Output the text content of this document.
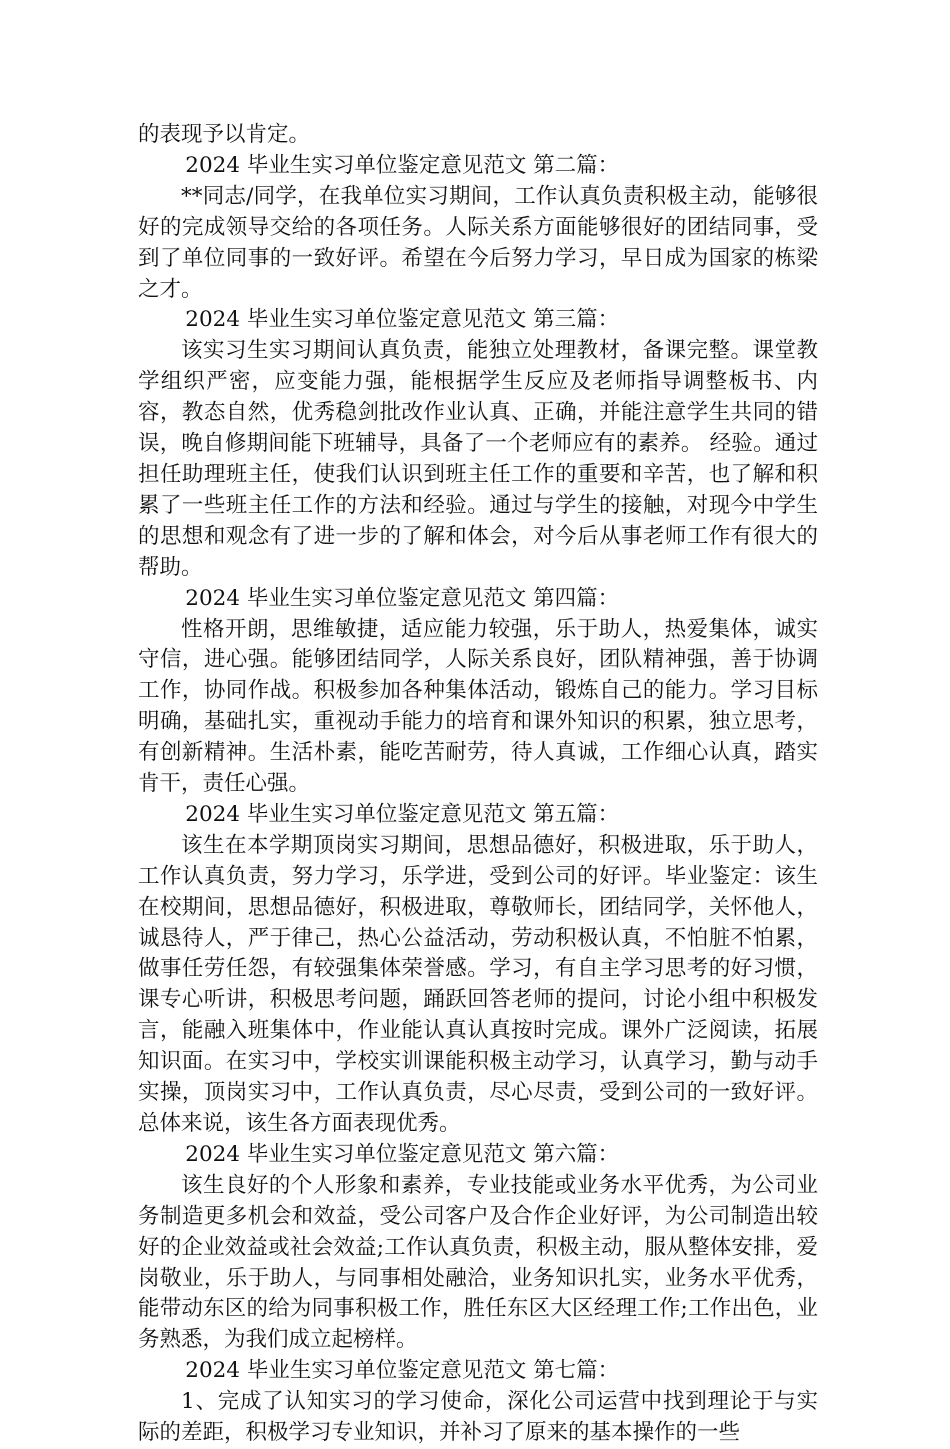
的表现予以肯定。

2024 毕业生实习单位鉴定意见范文 第二篇：

**同志/同学，在我单位实习期间，工作认真负责积极主动，能够很好的完成领导交给的各项任务。人际关系方面能够很好的团结同事，受到了单位同事的一致好评。希望在今后努力学习，早日成为国家的栋梁之才。

2024 毕业生实习单位鉴定意见范文 第三篇：

该实习生实习期间认真负责，能独立处理教材，备课完整。课堂教学组织严密，应变能力强，能根据学生反应及老师指导调整板书、内容，教态自然，优秀稳剑批改作业认真、正确，并能注意学生共同的错误，晚自修期间能下班辅导，具备了一个老师应有的素养。 经验。通过担任助理班主任，使我们认识到班主任工作的重要和辛苦，也了解和积累了一些班主任工作的方法和经验。通过与学生的接触，对现今中学生的思想和观念有了进一步的了解和体会，对今后从事老师工作有很大的帮助。

2024 毕业生实习单位鉴定意见范文 第四篇：

性格开朗，思维敏捷，适应能力较强，乐于助人，热爱集体，诚实守信，进心强。能够团结同学，人际关系良好，团队精神强，善于协调工作，协同作战。积极参加各种集体活动，锻炼自己的能力。学习目标明确，基础扎实，重视动手能力的培育和课外知识的积累，独立思考，有创新精神。生活朴素，能吃苦耐劳，待人真诚，工作细心认真，踏实肯干，责任心强。

2024 毕业生实习单位鉴定意见范文 第五篇：

该生在本学期顶岗实习期间，思想品德好，积极进取，乐于助人，工作认真负责，努力学习，乐学进，受到公司的好评。毕业鉴定：该生在校期间，思想品德好，积极进取，尊敬师长，团结同学，关怀他人，诚恳待人，严于律己，热心公益活动，劳动积极认真，不怕脏不怕累，做事任劳任怨，有较强集体荣誉感。学习，有自主学习思考的好习惯，课专心听讲，积极思考问题，踊跃回答老师的提问，讨论小组中积极发言，能融入班集体中，作业能认真认真按时完成。课外广泛阅读，拓展知识面。在实习中，学校实训课能积极主动学习，认真学习，勤与动手实操，顶岗实习中，工作认真负责，尽心尽责，受到公司的一致好评。总体来说，该生各方面表现优秀。

2024 毕业生实习单位鉴定意见范文 第六篇：

该生良好的个人形象和素养，专业技能或业务水平优秀，为公司业务制造更多机会和效益，受公司客户及合作企业好评，为公司制造出较好的企业效益或社会效益;工作认真负责，积极主动，服从整体安排，爱岗敬业，乐于助人，与同事相处融洽，业务知识扎实，业务水平优秀，能带动东区的给为同事积极工作，胜任东区大区经理工作;工作出色，业务熟悉，为我们成立起榜样。

2024 毕业生实习单位鉴定意见范文 第七篇：

1、完成了认知实习的学习使命，深化公司运营中找到理论于与实际的差距，积极学习专业知识，并补习了原来的基本操作的一些
